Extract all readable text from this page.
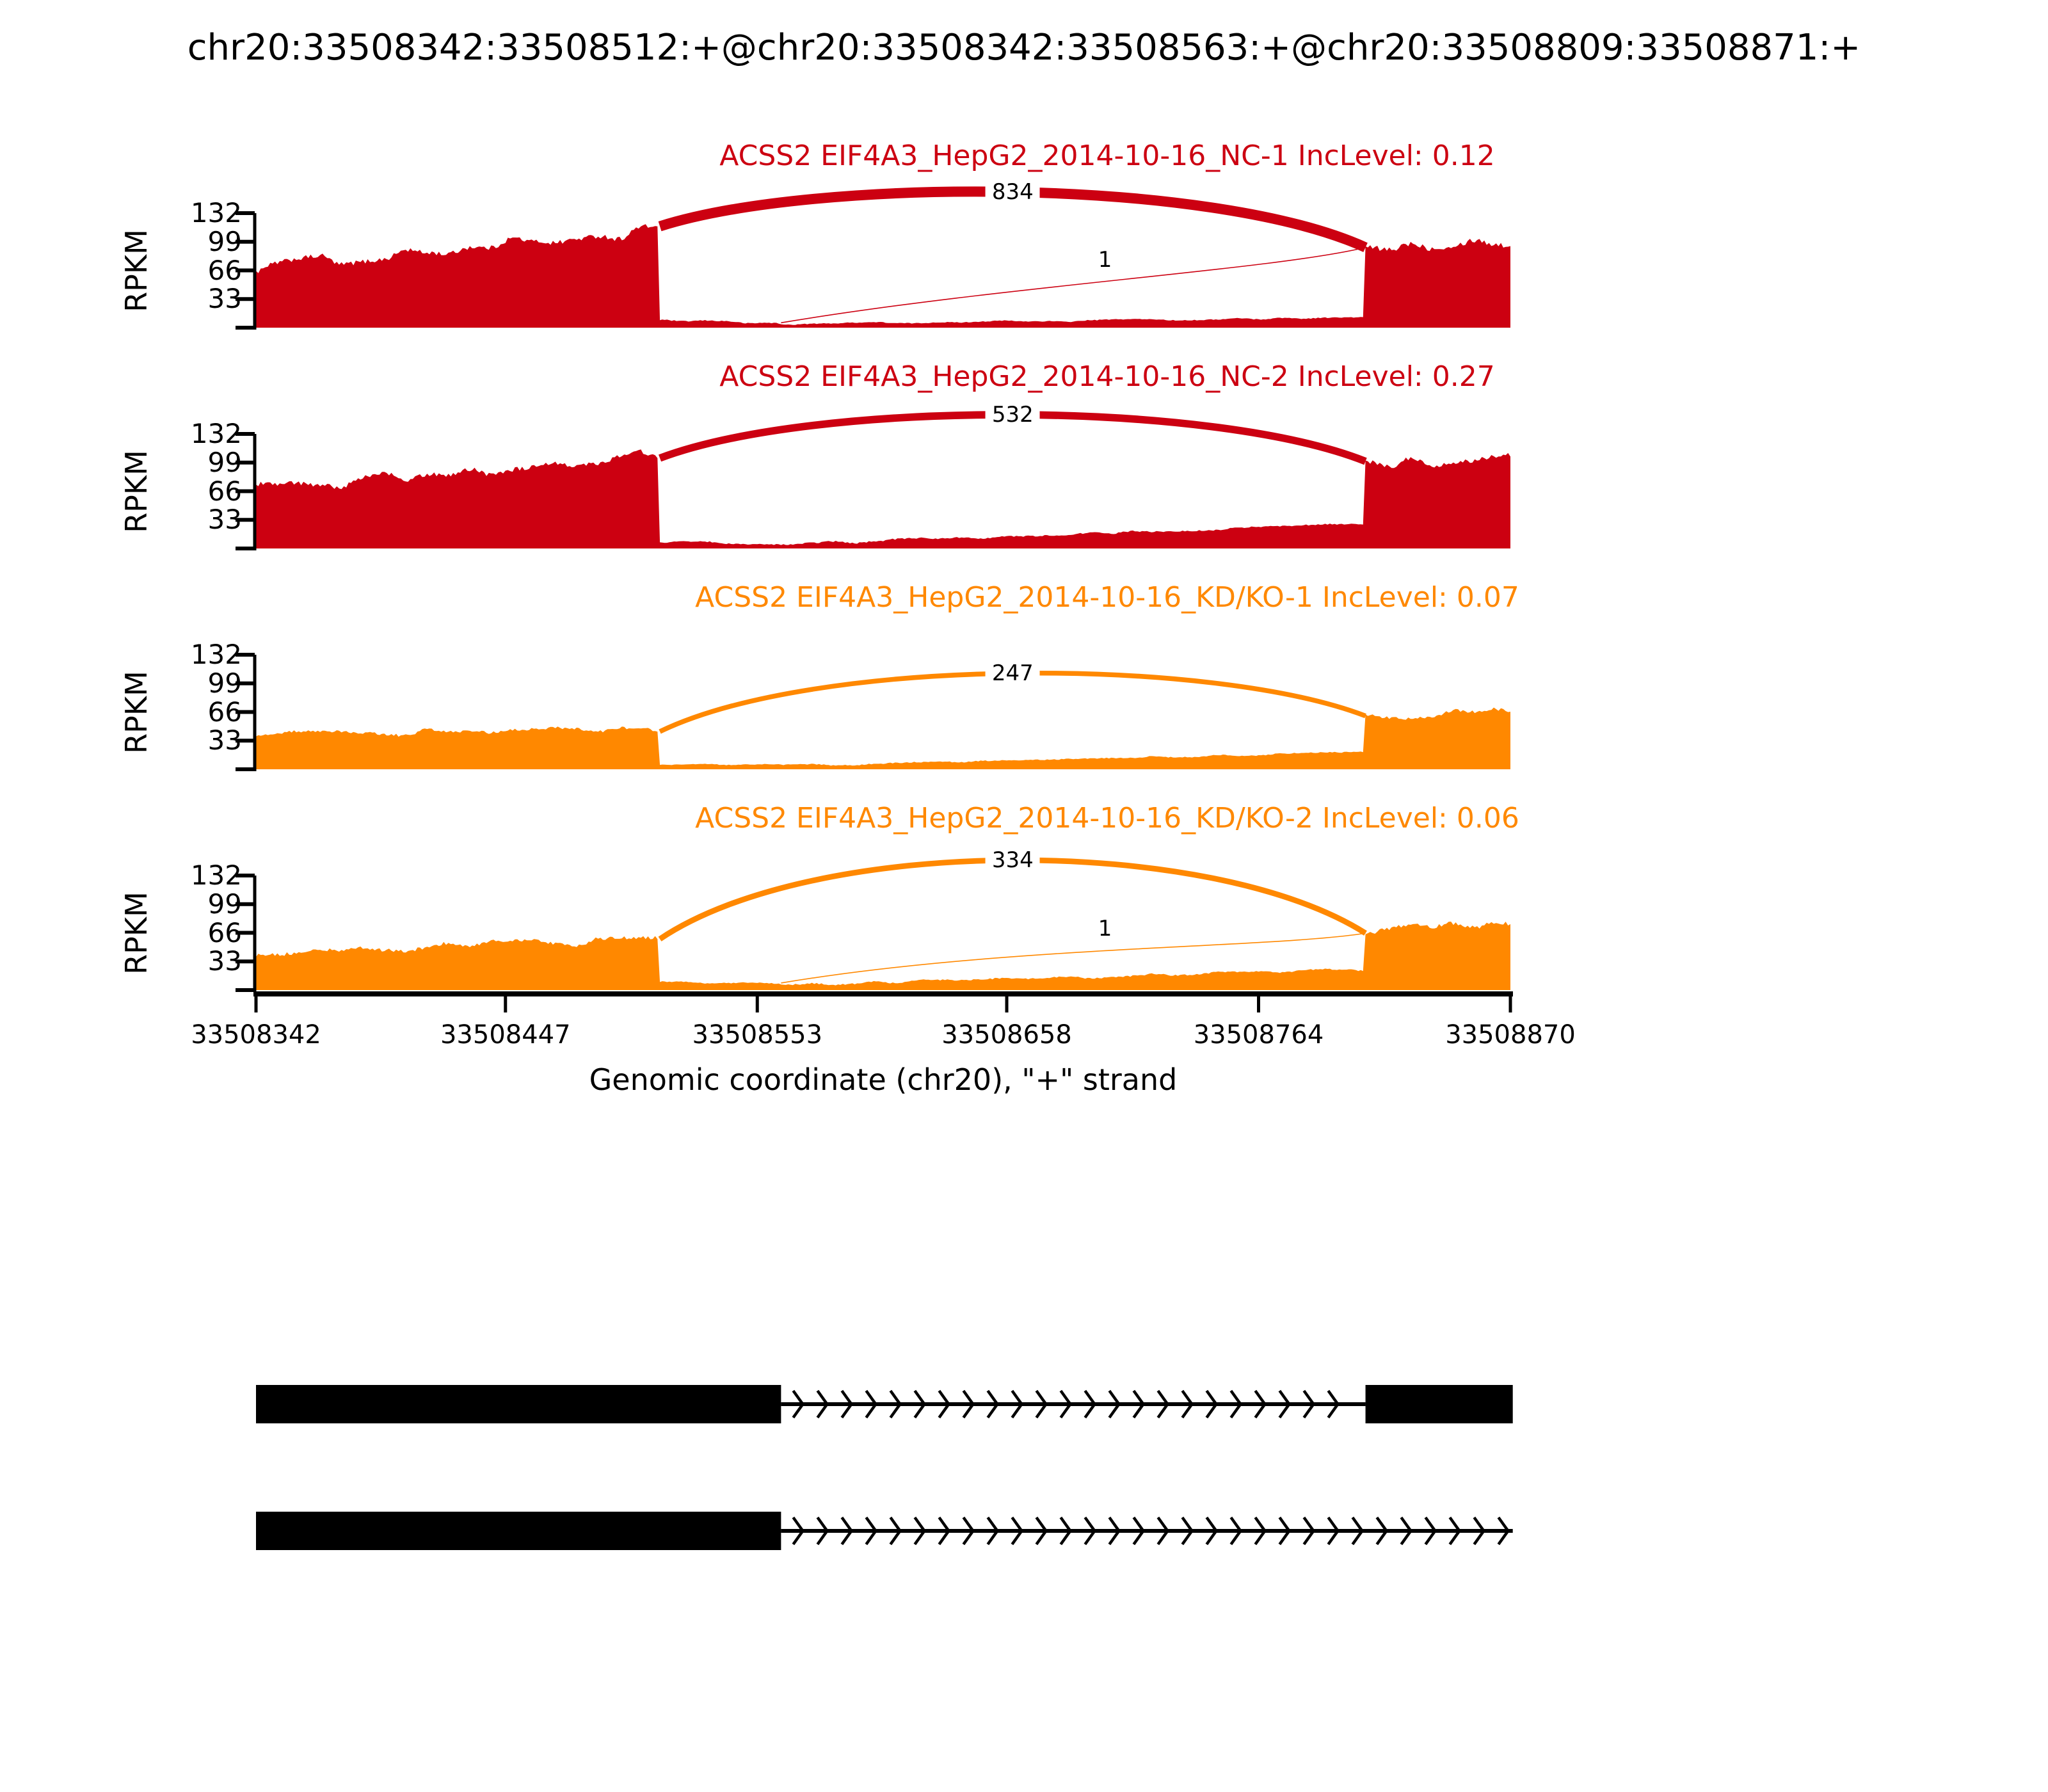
chr20:33508342:33508512:+@chr20:33508342:33508563:+@chr20:33508809:33508871:+
ACSS2 EIF4A3_HepG2_2014-10-16_NC-1 IncLevel: 0.12
ACSS2 EIF4A3_HepG2_2014-10-16_NC-2 IncLevel: 0.27
ACSS2 EIF4A3_HepG2_2014-10-16_KD/KO-1 IncLevel: 0.07
ACSS2 EIF4A3_HepG2_2014-10-16_KD/KO-2 IncLevel: 0.06
132
99
66
33
RPKM
132
99
66
33
RPKM
132
99
66
33
RPKM
132
99
66
33
RPKM
834
1
532
247
334
1
33508342	33508447	33508553	33508658	33508764	33508870
Genomic coordinate (chr20), "+" strand
